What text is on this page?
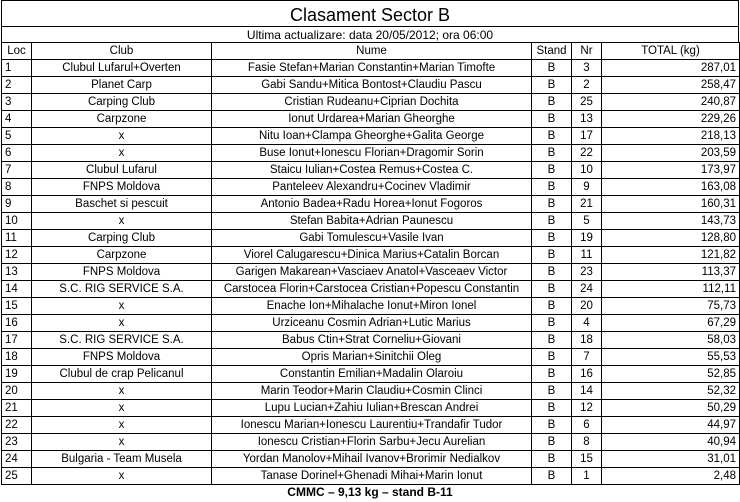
Clasament Sector B
Ultima actualizare: data 20/05/2012; ora 06:00
Loc	Club	Nume	Stand	Nr	TOTAL (kg)
1	Clubul Lufarul+Overten	Fasie Stefan+Marian Constantin+Marian Timofte	B	3	287,01
2	Planet Carp	Gabi Sandu+Mitica Bontost+Claudiu Pascu	B	2	258,47
3	Carping Club	Cristian Rudeanu+Ciprian Dochita	B	25	240,87
4	Carpzone	Ionut Urdarea+Marian Gheorghe	B	13	229,26
5	x	Nitu Ioan+Clampa Gheorghe+Galita George	B	17	218,13
6	x	Buse Ionut+Ionescu Florian+Dragomir Sorin	B	22	203,59
7	Clubul Lufarul	Staicu Iulian+Costea Remus+Costea C.	B	10	173,97
8	FNPS Moldova	Panteleev Alexandru+Cocinev Vladimir	B	9	163,08
9	Baschet si pescuit	Antonio Badea+Radu Horea+Ionut Fogoros	B	21	160,31
10	x	Stefan Babita+Adrian Paunescu	B	5	143,73
11	Carping Club	Gabi Tomulescu+Vasile Ivan	B	19	128,80
12	Carpzone	Viorel Calugarescu+Dinica Marius+Catalin Borcan	B	11	121,82
13	FNPS Moldova	Garigen Makarean+Vasciaev Anatol+Vasceaev Victor	B	23	113,37
14	S.C. RIG SERVICE S.A.	Carstocea Florin+Carstocea Cristian+Popescu Constantin	B	24	112,11
15	x	Enache Ion+Mihalache Ionut+Miron Ionel	B	20	75,73
16	x	Urziceanu Cosmin Adrian+Lutic Marius	B	4	67,29
17	S.C. RIG SERVICE S.A.	Babus Ctin+Strat Corneliu+Giovani	B	18	58,03
18	FNPS Moldova	Opris Marian+Sinitchii Oleg	B	7	55,53
19	Clubul de crap Pelicanul	Constantin Emilian+Madalin Olaroiu	B	16	52,85
20	x	Marin Teodor+Marin Claudiu+Cosmin Clinci	B	14	52,32
21	x	Lupu Lucian+Zahiu Iulian+Brescan Andrei	B	12	50,29
22	x	Ionescu Marian+Ionescu Laurentiu+Trandafir Tudor	B	6	44,97
23	x	Ionescu Cristian+Florin Sarbu+Jecu Aurelian	B	8	40,94
24	Bulgaria - Team Musela	Yordan Manolov+Mihail Ivanov+Brorimir Nedialkov	B	15	31,01
25	x	Tanase Dorinel+Ghenadi Mihai+Marin Ionut	B	1	2,48
CMMC – 9,13 kg – stand B-11
